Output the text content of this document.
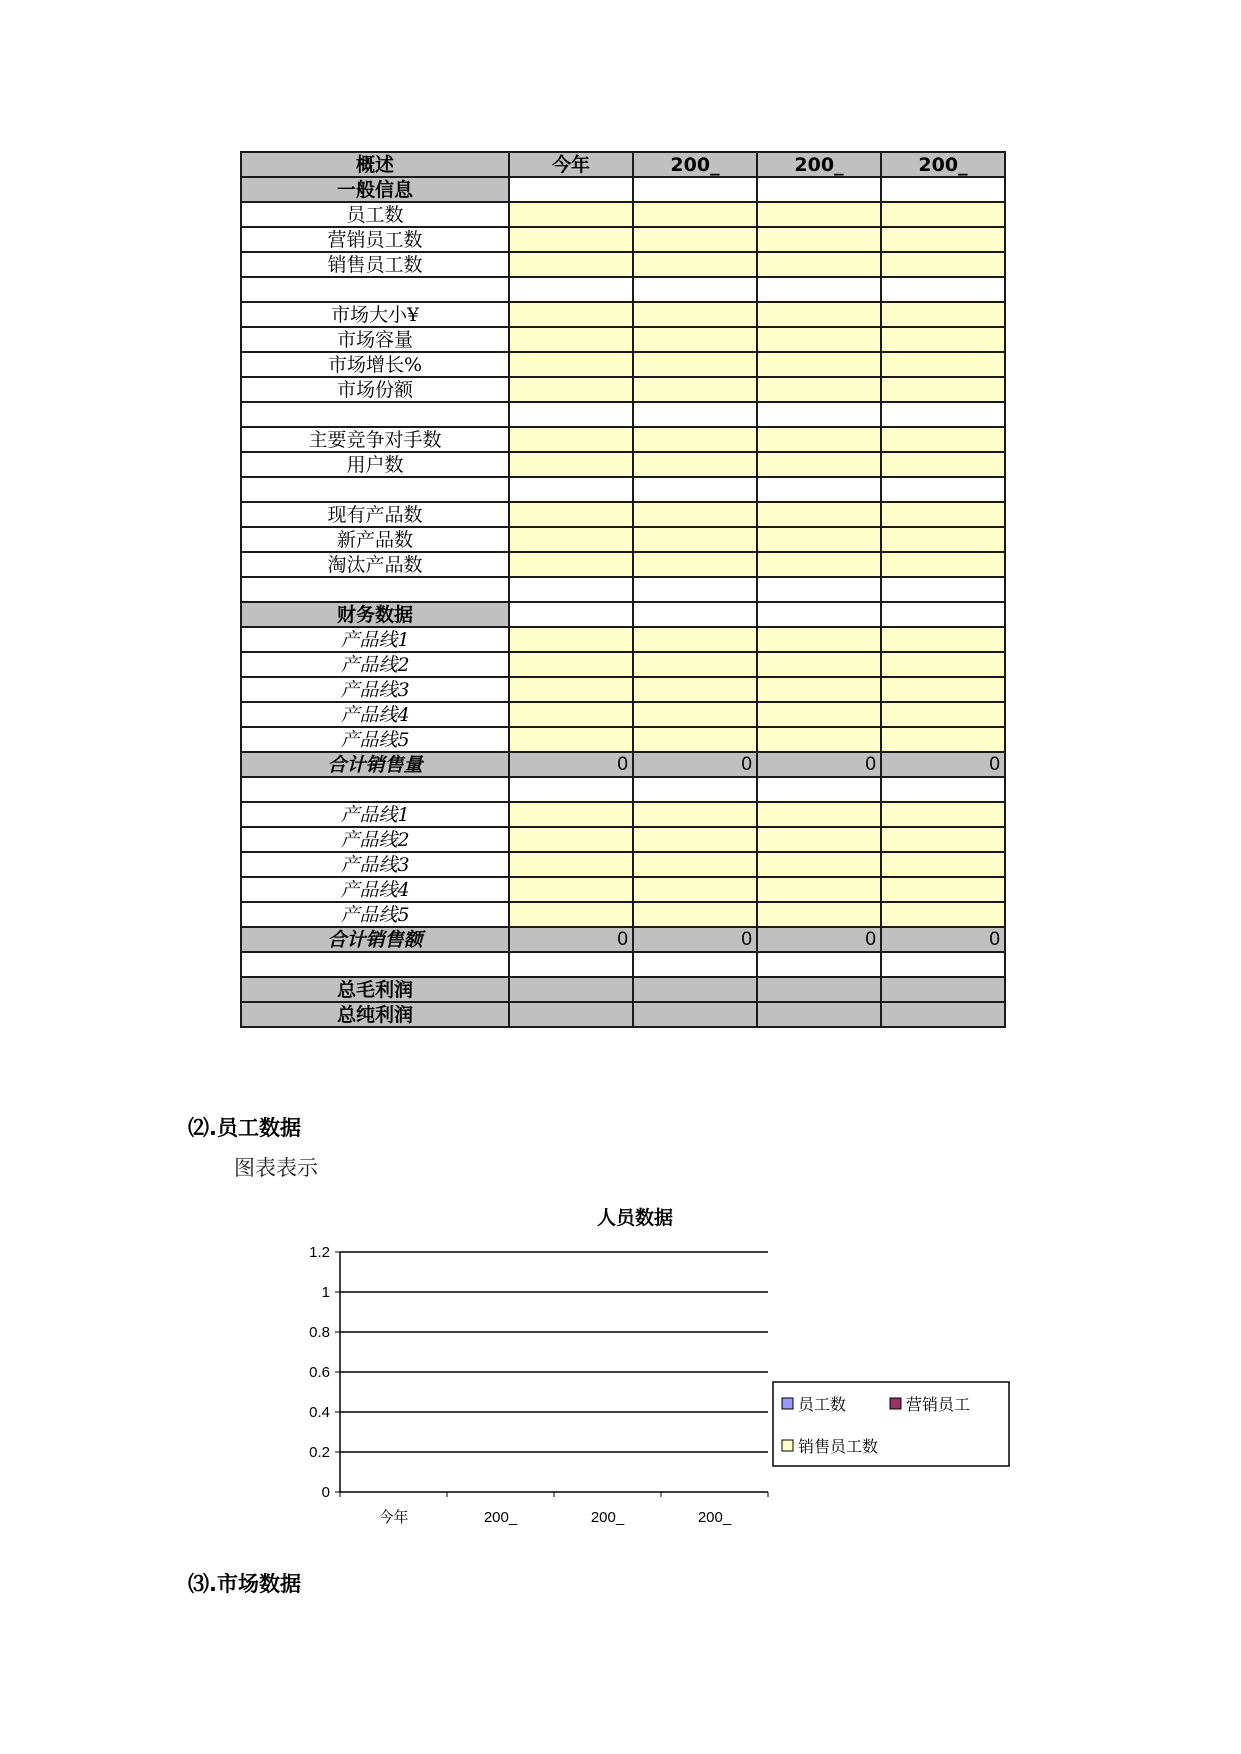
概述	今年	200_	200_	200_
一般信息				
员工数				
营销员工数				
销售员工数				

市场大小¥				
市场容量				
市场增长%				
市场份额				

主要竞争对手数				
用户数				

现有产品数				
新产品数				
淘汰产品数				

财务数据				
产品线1				
产品线2				
产品线3				
产品线4				
产品线5				
合计销售量	0	0	0	0

产品线1				
产品线2				
产品线3				
产品线4				
产品线5				
合计销售额	0	0	0	0

总毛利润				
总纯利润				
⑵.员工数据
图表表示
人员数据
0
0.2
0.4
0.6
0.8
1
1.2
今年	200_	200_	200_
员工数	营销员工
销售员工数
⑶.市场数据
